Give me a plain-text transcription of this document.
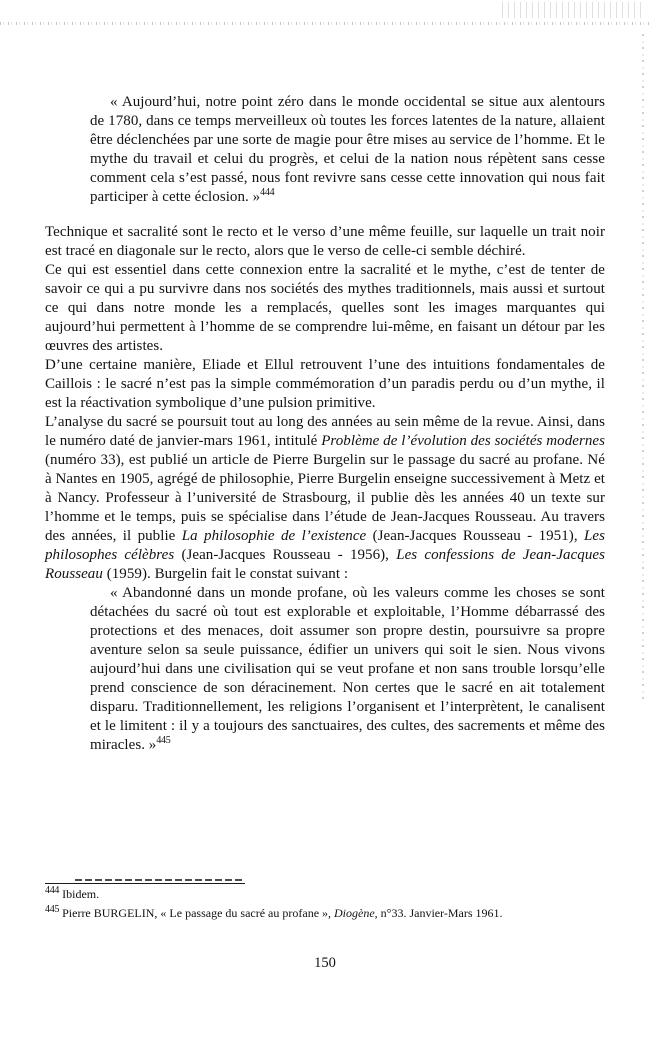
« Aujourd’hui, notre point zéro dans le monde occidental se situe aux alentours de 1780, dans ce temps merveilleux où toutes les forces latentes de la nature, allaient être déclenchées par une sorte de magie pour être mises au service de l’homme. Et le mythe du travail et celui du progrès, et celui de la nation nous répètent sans cesse comment cela s’est passé, nous font revivre sans cesse cette innovation qui nous fait participer à cette éclosion. »$^{444}$

Technique et sacralité sont le recto et le verso d’une même feuille, sur laquelle un trait noir est tracé en diagonale sur le recto, alors que le verso de celle-ci semble déchiré.

Ce qui est essentiel dans cette connexion entre la sacralité et le mythe, c’est de tenter de savoir ce qui a pu survivre dans nos sociétés des mythes traditionnels, mais aussi et surtout ce qui dans notre monde les a remplacés, quelles sont les images marquantes qui aujourd’hui permettent à l’homme de se comprendre lui-même, en faisant un détour par les œuvres des artistes.

D’une certaine manière, Eliade et Ellul retrouvent l’une des intuitions fondamentales de Caillois : le sacré n’est pas la simple commémoration d’un paradis perdu ou d’un mythe, il est la réactivation symbolique d’une pulsion primitive.

L’analyse du sacré se poursuit tout au long des années au sein même de la revue. Ainsi, dans le numéro daté de janvier-mars 1961, intitulé Problème de l’évolution des sociétés modernes (numéro 33), est publié un article de Pierre Burgelin sur le passage du sacré au profane. Né à Nantes en 1905, agrégé de philosophie, Pierre Burgelin enseigne successivement à Metz et à Nancy. Professeur à l’université de Strasbourg, il publie dès les années 40 un texte sur l’homme et le temps, puis se spécialise dans l’étude de Jean-Jacques Rousseau. Au travers des années, il publie La philosophie de l’existence (Jean-Jacques Rousseau - 1951), Les philosophes célèbres (Jean-Jacques Rousseau - 1956), Les confessions de Jean-Jacques Rousseau (1959). Burgelin fait le constat suivant :

« Abandonné dans un monde profane, où les valeurs comme les choses se sont détachées du sacré où tout est explorable et exploitable, l’Homme débarrassé des protections et des menaces, doit assumer son propre destin, poursuivre sa propre aventure selon sa seule puissance, édifier un univers qui soit le sien. Nous vivons aujourd’hui dans une civilisation qui se veut profane et non sans trouble lorsqu’elle prend conscience de son déracinement. Non certes que le sacré en ait totalement disparu. Traditionnellement, les religions l’organisent et l’interprètent, le canalisent et le limitent : il y a toujours des sanctuaires, des cultes, des sacrements et même des miracles. »$^{445}$
$^{444}$ Ibidem.
$^{445}$ Pierre BURGELIN, « Le passage du sacré au profane », Diogène, n°33. Janvier-Mars 1961.
150
